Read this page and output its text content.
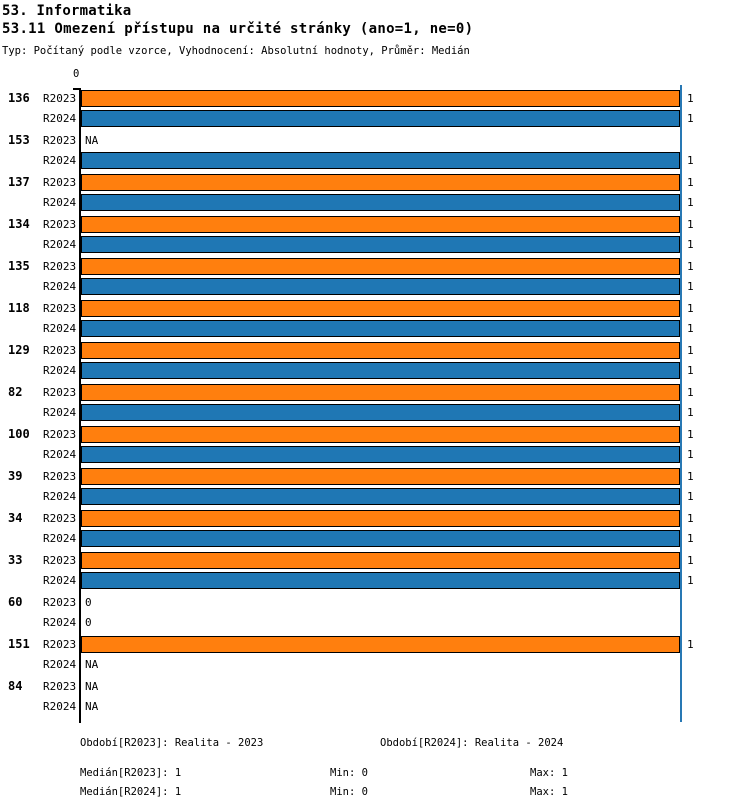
53. Informatika
53.11 Omezení přístupu na určité stránky (ano=1, ne=0)
Typ: Počítaný podle vzorce, Vyhodnocení: Absolutní hodnoty, Průměr: Medián
0
136 R2023	1
R2024	1
153 R2023 NA
R2024	1
137 R2023	1
R2024	1
134 R2023	1
R2024	1
135 R2023	1
R2024	1
118 R2023	1
R2024	1
129 R2023	1
R2024	1
82 R2023	1
R2024	1
100 R2023	1
R2024	1
39 R2023	1
R2024	1
34 R2023	1
R2024	1
33 R2023	1
R2024	1
60 R2023 0
R2024 0
151 R2023	1
R2024 NA
84 R2023 NA
R2024 NA
Období[R2023]: Realita - 2023	Období[R2024]: Realita - 2024
Medián[R2023]: 1	Min: 0	Max: 1
Medián[R2024]: 1	Min: 0	Max: 1
